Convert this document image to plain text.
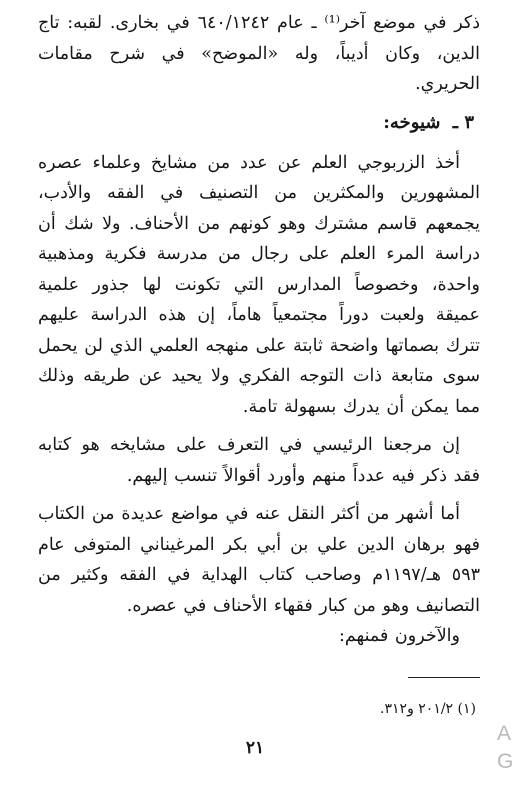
ذكر في موضع آخر⁽¹⁾ ـ عام ٦٤٠/١٢٤٢ في بخارى. لقبه: تاج الدين، وكان أديباً، وله «الموضح» في شرح مقامات الحريري.

٣ ـ شيوخه:

أخذ الزربوجي العلم عن عدد من مشايخ وعلماء عصره المشهورين والمكثرين من التصنيف في الفقه والأدب، يجمعهم قاسم مشترك وهو كونهم من الأحناف. ولا شك أن دراسة المرء العلم على رجال من مدرسة فكرية ومذهبية واحدة، وخصوصاً المدارس التي تكونت لها جذور علمية عميقة ولعبت دوراً مجتمعياً هاماً، إن هذه الدراسة عليهم تترك بصماتها واضحة ثابتة على منهجه العلمي الذي لن يحمل سوى متابعة ذات التوجه الفكري ولا يحيد عن طريقه وذلك مما يمكن أن يدرك بسهولة تامة.

إن مرجعنا الرئيسي في التعرف على مشايخه هو كتابه فقد ذكر فيه عدداً منهم وأورد أقوالاً تنسب إليهم.

أما أشهر من أكثر النقل عنه في مواضع عديدة من الكتاب فهو برهان الدين علي بن أبي بكر المرغيناني المتوفى عام ٥٩٣ هـ/١١٩٧م وصاحب كتاب الهداية في الفقه وكثير من التصانيف وهو من كبار فقهاء الأحناف في عصره.

والآخرون فمنهم:

(١) ٢٠١/٢ و٣١٢.
٢١
A
G
